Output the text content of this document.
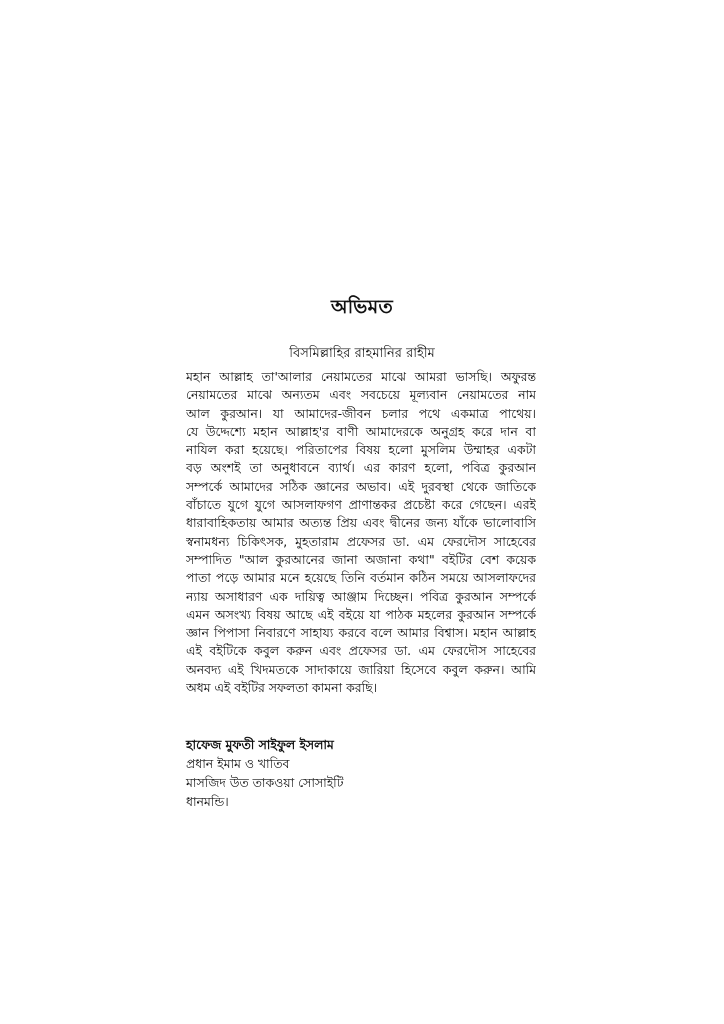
অভিমত
বিসমিল্লাহির রাহমানির রাহীম
মহান আল্লাহ তা'আলার নেয়ামতের মাঝে আমরা ভাসছি। অফুরন্ত
নেয়ামতের মাঝে অন্যতম এবং সবচেয়ে মূল্যবান নেয়ামতের নাম
আল কুরআন। যা আমাদের-জীবন চলার পথে একমাত্র পাথেয়।
যে উদ্দেশ্যে মহান আল্লাহ'র বাণী আমাদেরকে অনুগ্রহ করে দান বা
নাযিল করা হয়েছে। পরিতাপের বিষয় হলো মুসলিম উম্মাহর একটা
বড় অংশই তা অনুধাবনে ব্যার্থ। এর কারণ হলো, পবিত্র কুরআন
সম্পর্কে আমাদের সঠিক জ্ঞানের অভাব। এই দুরবস্থা থেকে জাতিকে
বাঁচাতে যুগে যুগে আসলাফগণ প্রাণান্তকর প্রচেষ্টা করে গেছেন। এরই
ধারাবাহিকতায় আমার অত্যন্ত প্রিয় এবং দ্বীনের জন্য যাঁকে ভালোবাসি
স্বনামধন্য চিকিৎসক, মুহতারাম প্রফেসর ডা. এম ফেরদৌস সাহেবের
সম্পাদিত "আল কুরআনের জানা অজানা কথা" বইটির বেশ কয়েক
পাতা পড়ে আমার মনে হয়েছে তিনি বর্তমান কঠিন সময়ে আসলাফদের
ন্যায় অসাধারণ এক দায়িত্ব আঞ্জাম দিচ্ছেন। পবিত্র কুরআন সম্পর্কে
এমন অসংখ্য বিষয় আছে এই বইয়ে যা পাঠক মহলের কুরআন সম্পর্কে
জ্ঞান পিপাসা নিবারণে সাহায্য করবে বলে আমার বিশ্বাস। মহান আল্লাহ
এই বইটিকে কবুল করুন এবং প্রফেসর ডা. এম ফেরদৌস সাহেবের
অনবদ্য এই খিদমতকে সাদাকায়ে জারিয়া হিসেবে কবুল করুন। আমি
অধম এই বইটির সফলতা কামনা করছি।
হাফেজ মুফতী সাইফুল ইসলাম
প্রধান ইমাম ও খাতিব
মাসজিদ উত তাকওয়া সোসাইটি
ধানমন্ডি।
